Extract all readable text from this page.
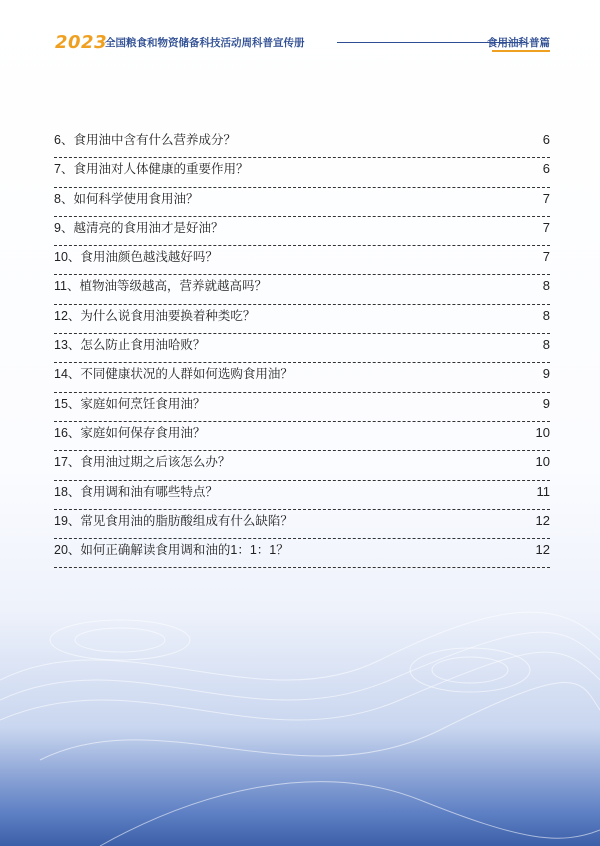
2023
全国粮食和物资储备科技活动周科普宣传册	食用油科普篇
6、食用油中含有什么营养成分？	6
7、食用油对人体健康的重要作用？	6
8、如何科学使用食用油？	7
9、越清亮的食用油才是好油？	7
10、食用油颜色越浅越好吗？	7
11、植物油等级越高，营养就越高吗？	8
12、为什么说食用油要换着种类吃？	8
13、怎么防止食用油哈败？	8
14、不同健康状况的人群如何选购食用油？	9
15、家庭如何烹饪食用油？	9
16、家庭如何保存食用油？	10
17、食用油过期之后该怎么办？	10
18、食用调和油有哪些特点？	11
19、常见食用油的脂肪酸组成有什么缺陷？	12
20、如何正确解读食用调和油的1：1：1？	12
